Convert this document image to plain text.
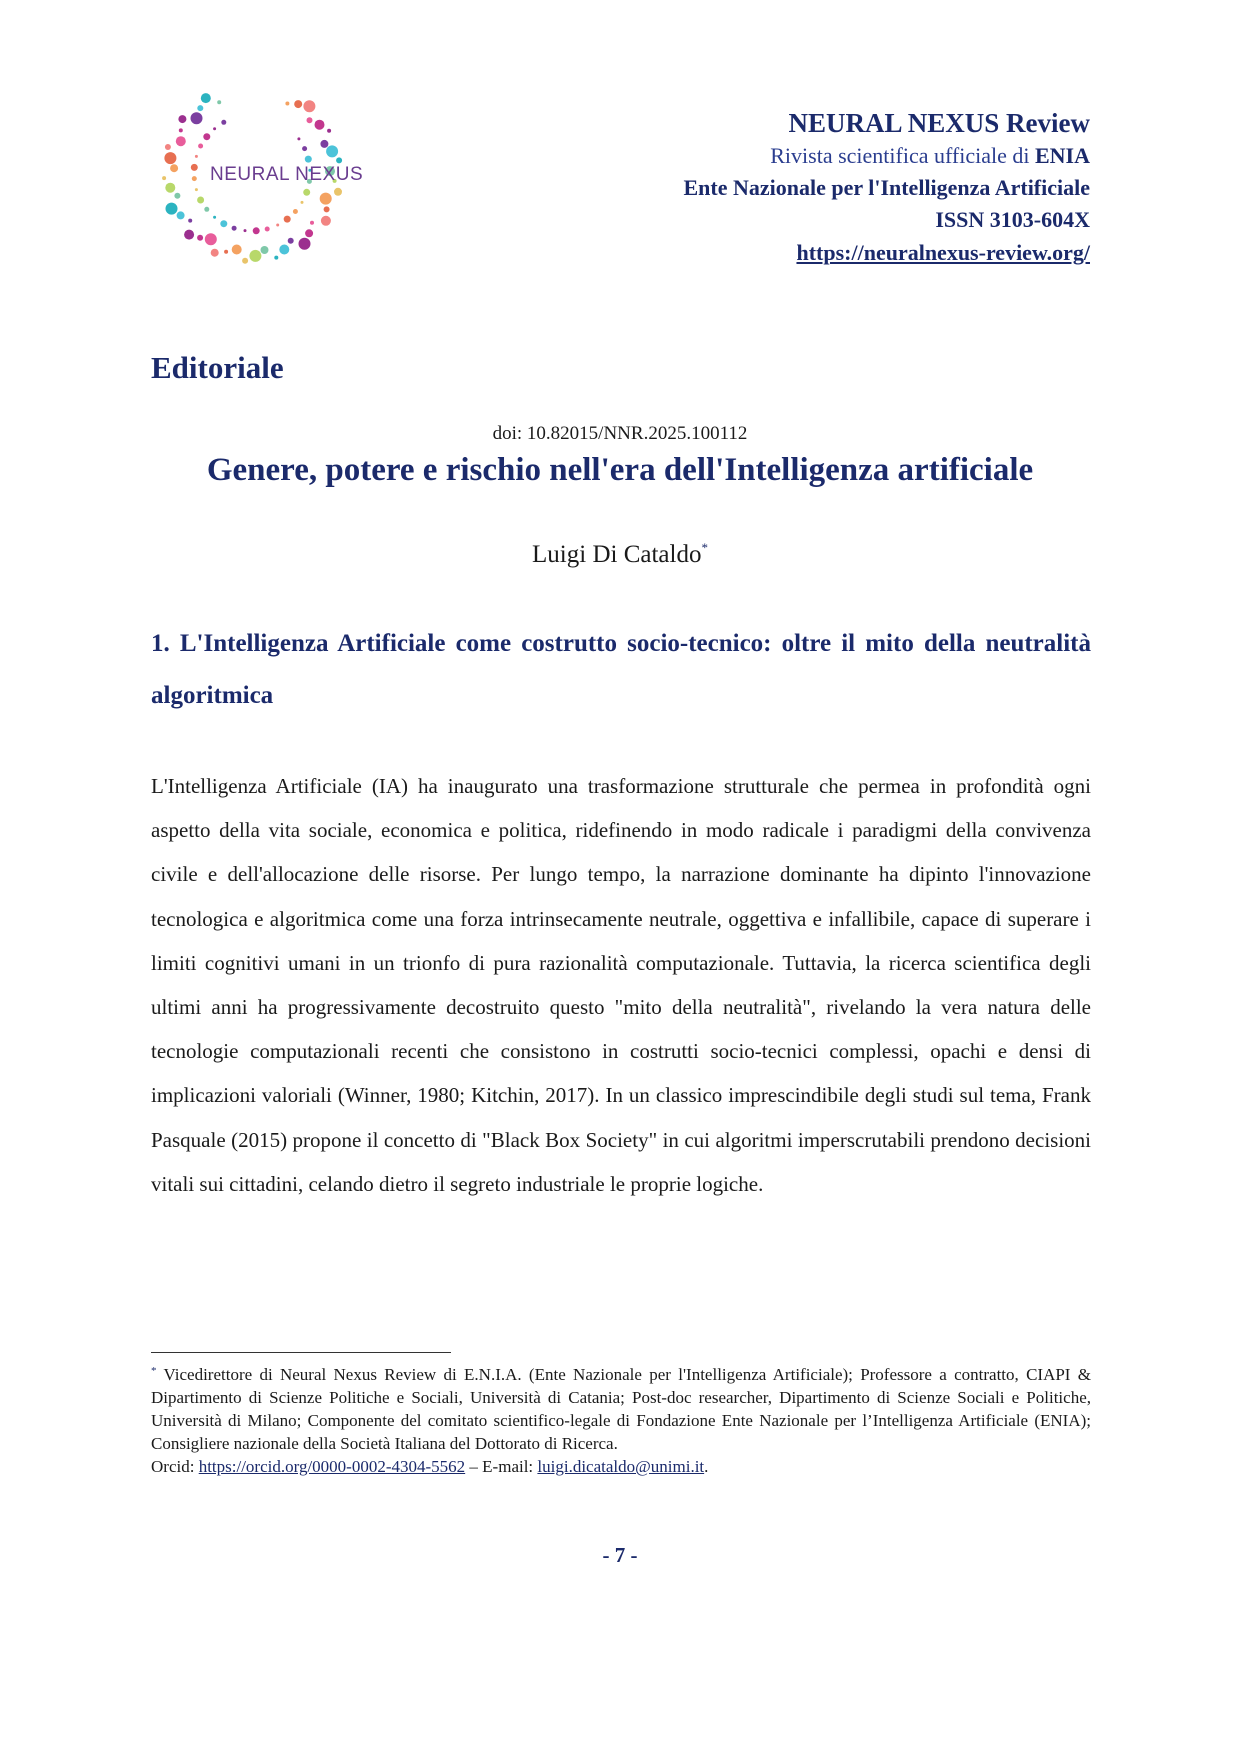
NEURAL NEXUS
NEURAL NEXUS Review
Rivista scientifica ufficiale di ENIA
Ente Nazionale per l'Intelligenza Artificiale
ISSN 3103-604X
https://neuralnexus-review.org/
Editoriale
doi: 10.82015/NNR.2025.100112
Genere, potere e rischio nell'era dell'Intelligenza artificiale
Luigi Di Cataldo*
1. L'Intelligenza Artificiale come costrutto socio-tecnico: oltre il mito della neutralità algoritmica
L'Intelligenza Artificiale (IA) ha inaugurato una trasformazione strutturale che permea in profondità ogni aspetto della vita sociale, economica e politica, ridefinendo in modo radicale i paradigmi della convivenza civile e dell'allocazione delle risorse. Per lungo tempo, la narrazione dominante ha dipinto l'innovazione tecnologica e algoritmica come una forza intrinsecamente neutrale, oggettiva e infallibile, capace di superare i limiti cognitivi umani in un trionfo di pura razionalità computazionale. Tuttavia, la ricerca scientifica degli ultimi anni ha progressivamente decostruito questo "mito della neutralità", rivelando la vera natura delle tecnologie computazionali recenti che consistono in costrutti socio-tecnici complessi, opachi e densi di implicazioni valoriali (Winner, 1980; Kitchin, 2017). In un classico imprescindibile degli studi sul tema, Frank Pasquale (2015) propone il concetto di "Black Box Society" in cui algoritmi imperscrutabili prendono decisioni vitali sui cittadini, celando dietro il segreto industriale le proprie logiche.
* Vicedirettore di Neural Nexus Review di E.N.I.A. (Ente Nazionale per l'Intelligenza Artificiale); Professore a contratto, CIAPI & Dipartimento di Scienze Politiche e Sociali, Università di Catania; Post-doc researcher, Dipartimento di Scienze Sociali e Politiche, Università di Milano; Componente del comitato scientifico-legale di Fondazione Ente Nazionale per l’Intelligenza Artificiale (ENIA); Consigliere nazionale della Società Italiana del Dottorato di Ricerca.
Orcid: https://orcid.org/0000-0002-4304-5562 – E-mail: luigi.dicataldo@unimi.it.
- 7 -
